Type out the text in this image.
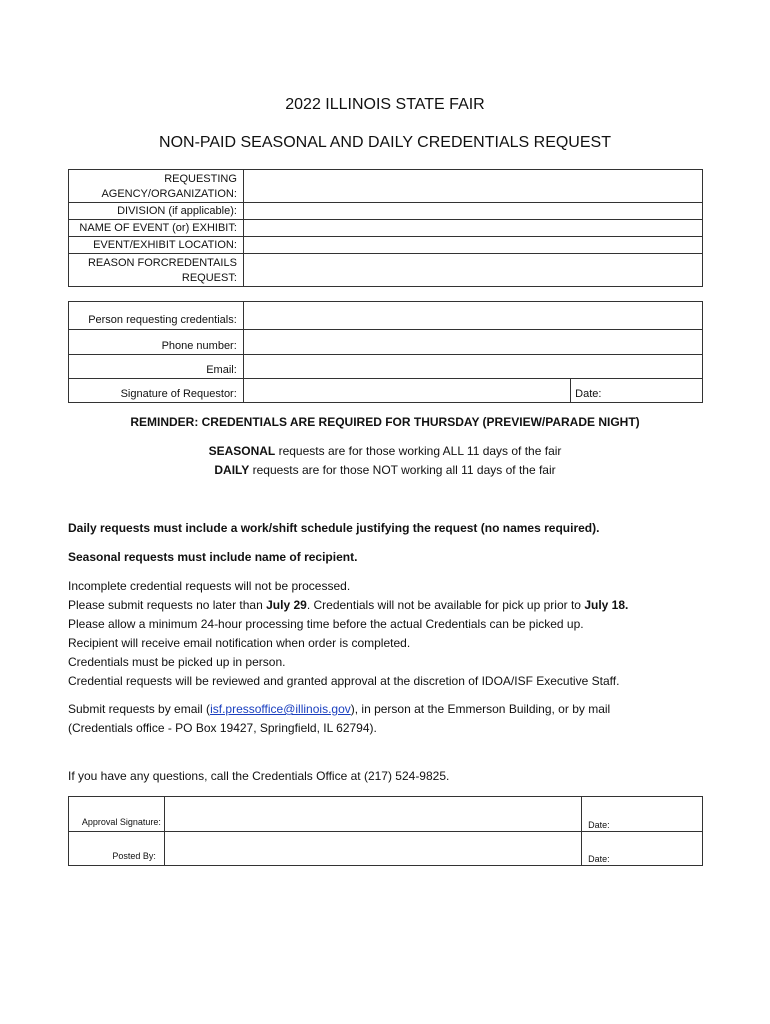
2022 ILLINOIS STATE FAIR
NON-PAID SEASONAL AND DAILY CREDENTIALS REQUEST
REQUESTING
AGENCY/ORGANIZATION:	

DIVISION (if applicable):	
NAME OF EVENT (or) EXHIBIT:	
EVENT/EXHIBIT LOCATION:	

REASON FORCREDENTAILS
REQUEST:	

Person requesting credentials:		
Phone number:		
Email:		
Signature of Requestor:		Date:
REMINDER: CREDENTIALS ARE REQUIRED FOR THURSDAY (PREVIEW/PARADE NIGHT)
SEASONAL requests are for those working ALL 11 days of the fair
DAILY requests are for those NOT working all 11 days of the fair
Daily requests must include a work/shift schedule justifying the request (no names required).
Seasonal requests must include name of recipient.
Incomplete credential requests will not be processed.
Please submit requests no later than July 29. Credentials will not be available for pick up prior to July 18.
Please allow a minimum 24-hour processing time before the actual Credentials can be picked up.
Recipient will receive email notification when order is completed.
Credentials must be picked up in person.
Credential requests will be reviewed and granted approval at the discretion of IDOA/ISF Executive Staff.
Submit requests by email (isf.pressoffice@illinois.gov), in person at the Emmerson Building, or by mail
(Credentials office - PO Box 19427, Springfield, IL 62794).
If you have any questions, call the Credentials Office at (217) 524-9825.
Approval Signature:		Date:
Posted By:		Date:
